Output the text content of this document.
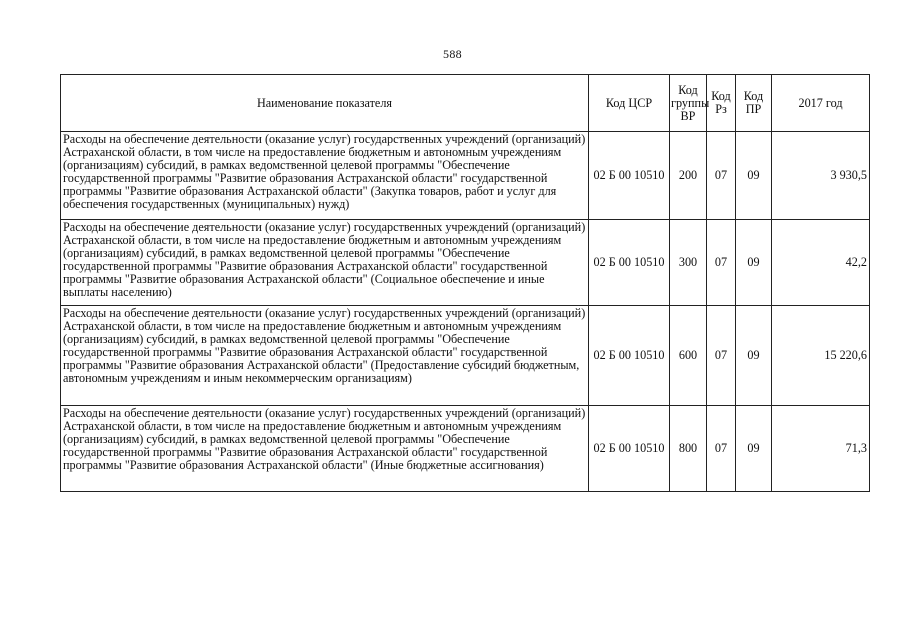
588
Наименование показателя	Код ЦСР	Код группы ВР	Код Рз	Код ПР	2017 год
Расходы на обеспечение деятельности (оказание услуг) государственных учреждений (организаций) Астраханской области, в том числе на предоставление бюджетным и автономным учреждениям (организациям) субсидий, в рамках ведомственной целевой программы "Обеспечение государственной программы "Развитие образования Астраханской области" государственной программы "Развитие образования Астраханской области" (Закупка товаров, работ и услуг для обеспечения государственных (муниципальных) нужд)	02 Б 00 10510	200	07	09	3 930,5
Расходы на обеспечение деятельности (оказание услуг) государственных учреждений (организаций) Астраханской области, в том числе на предоставление бюджетным и автономным учреждениям (организациям) субсидий, в рамках ведомственной целевой программы "Обеспечение государственной программы "Развитие образования Астраханской области" государственной программы "Развитие образования Астраханской области" (Социальное обеспечение и иные выплаты населению)	02 Б 00 10510	300	07	09	42,2
Расходы на обеспечение деятельности (оказание услуг) государственных учреждений (организаций) Астраханской области, в том числе на предоставление бюджетным и автономным учреждениям (организациям) субсидий, в рамках ведомственной целевой программы "Обеспечение государственной программы "Развитие образования Астраханской области" государственной программы "Развитие образования Астраханской области" (Предоставление субсидий бюджетным, автономным учреждениям и иным некоммерческим организациям)	02 Б 00 10510	600	07	09	15 220,6
Расходы на обеспечение деятельности (оказание услуг) государственных учреждений (организаций) Астраханской области, в том числе на предоставление бюджетным и автономным учреждениям (организациям) субсидий, в рамках ведомственной целевой программы "Обеспечение государственной программы "Развитие образования Астраханской области" государственной программы "Развитие образования Астраханской области" (Иные бюджетные ассигнования)	02 Б 00 10510	800	07	09	71,3
